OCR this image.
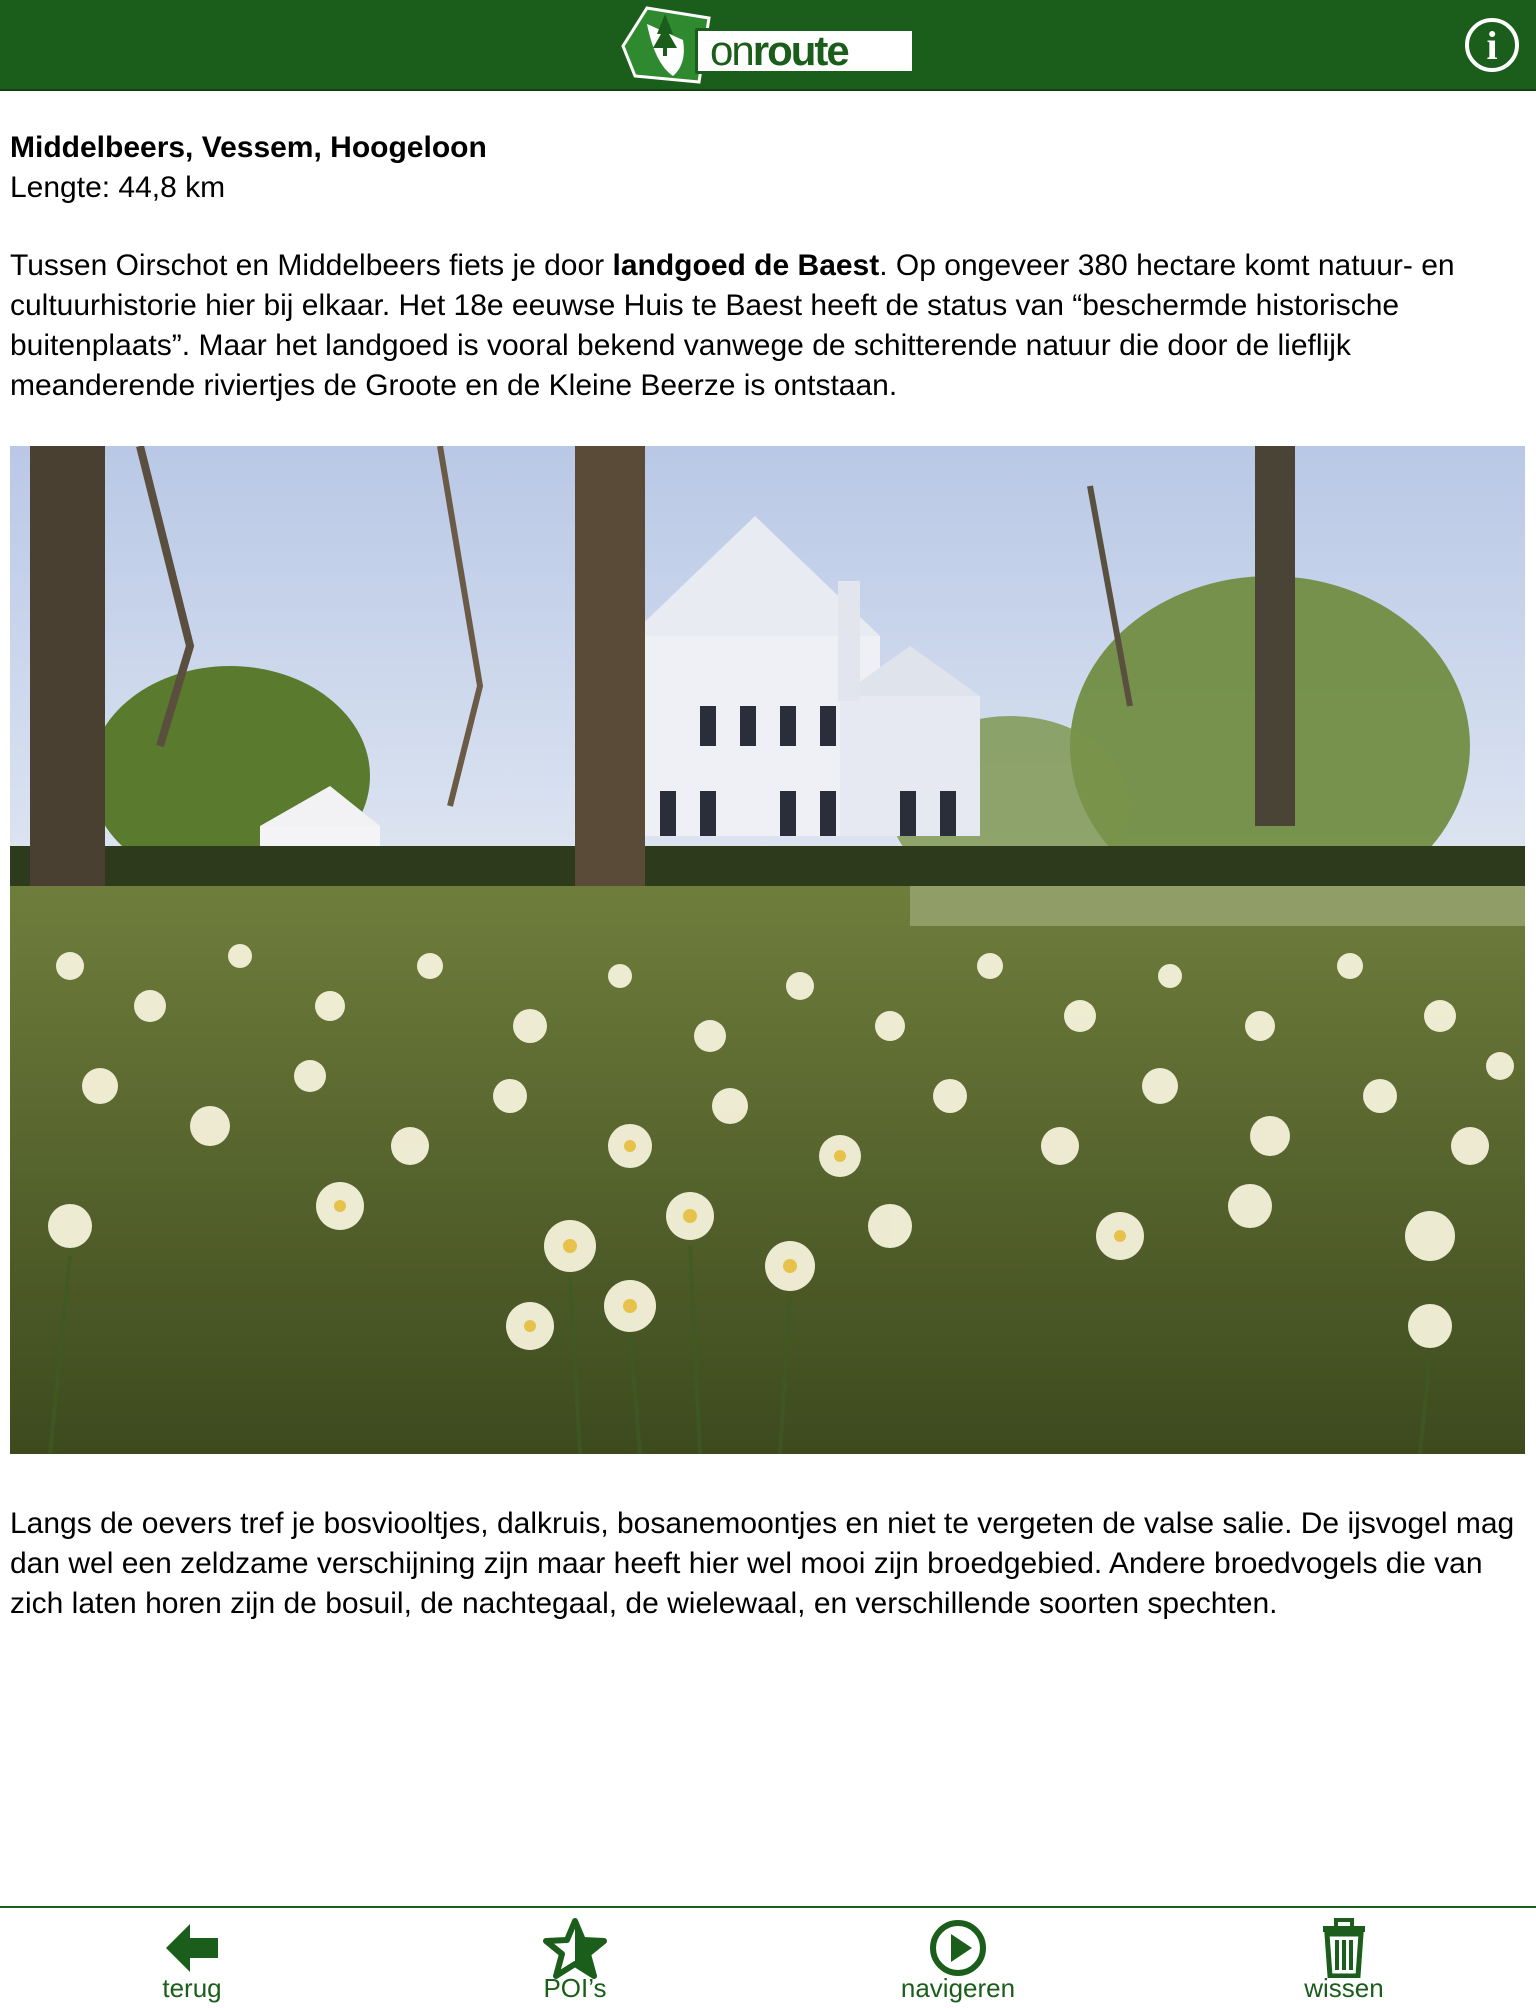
on route	i

Middelbeers, Vessem, Hoogeloon

Lengte: 44,8 km

Tussen Oirschot en Middelbeers fiets je door landgoed de Baest. Op ongeveer 380 hectare komt natuur- en cultuurhistorie hier bij elkaar. Het 18e eeuwse Huis te Baest heeft de status van “beschermde historische buitenplaats”. Maar het landgoed is vooral bekend vanwege de schitterende natuur die door de lieflijk meanderende riviertjes de Groote en de Kleine Beerze is ontstaan.

Langs de oevers tref je bosviooltjes, dalkruis, bosanemoontjes en niet te vergeten de valse salie. De ijsvogel mag dan wel een zeldzame verschijning zijn maar heeft hier wel mooi zijn broedgebied. Andere broedvogels die van zich laten horen zijn de bosuil, de nachtegaal, de wielewaal, en verschillende soorten spechten.

terug	POI’s	navigeren	wissen
